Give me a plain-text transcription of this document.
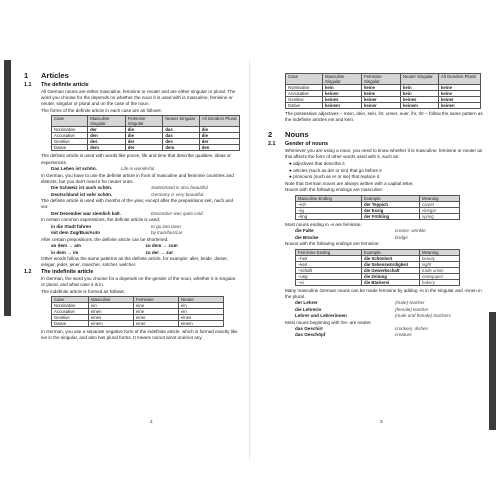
1	Articles
1.1	The definite article

All German nouns are either masculine, feminine or neuter and are either singular or plural. The word you choose for the depends on whether the noun it is used with is masculine, feminine or neuter, singular or plural and on the case of the noun.

The forms of the definite article in each case are as follows:

Case	Masculine Singular	Feminine Singular	Neuter Singular	All Genders Plural
Nominative	der	die	das	die
Accusative	den	die	das	die
Genitive	des	der	des	der
Dative	dem	der	dem	den

The definite article is used with words like prices, life and time that describe qualities, ideas or experiences.

Das Leben ist schön.	Life is wonderful.

In German, you have to use the definite article in front of masculine and feminine countries and districts, but you don't need it for neuter ones.

Die Schweiz ist auch schön.	Switzerland is also beautiful.
Deutschland ist sehr schön.	Germany is very beautiful.

The definite article is used with months of the year, except after the prepositions seit, nach and vor.

Der Dezember war ziemlich kalt.	December was quite cold.

In certain common expressions, the definite article is used;

in die Stadt fahren	to go into town
mit dem Zug/Bus/Auto	by train/bus/car

After certain prepositions, the definite article can be shortened.

an dem → am	zu dem → zum
in dem → im	zu der → zur

Other words follow the same patterns as the definite article, for example: aller, beide, dieser, einiger, jeder, jener, mancher, solcher, welcher.

1.2	The indefinite article

In German, the word you choose for a depends on the gender of the noun, whether it is singular or plural, and what case it is in.

The indefinite article is formed as follows:

Case	Masculine	Feminine	Neuter
Nominative	ein	eine	ein
Accusative	einen	eine	ein
Genitive	eines	einer	eines
Dative	einem	einer	einem

In German, you use a separate negative form of the indefinite article, which is formed exactly like ein in the singular, and also has plural forms. It means no/not a/not one/not any.

2
Case	Masculine Singular	Feminine Singular	Neuter Singular	All Genders Plural
Nominative	kein	keine	kein	keine
Accusative	keinen	keine	kein	keine
Genitive	keines	keiner	keines	keiner
Dative	keinem	keiner	keinem	keinen

The possessive adjectives – mein, dein, sein, ihr, unser, euer, ihr, Ihr – follow the same pattern as the indefinite articles ein and kein.

2	Nouns
2.1	Gender of nouns

Whenever you are using a noun, you need to know whether it is masculine, feminine or neuter as this affects the form of other words used with it, such as:

● adjectives that describe it

● articles (such as der or ein) that go before it

● pronouns (such as er or sie) that replace it.

Note that German nouns are always written with a capital letter.

Nouns with the following endings are masculine:

Masculine Ending	Example	Meaning
–ich	der Teppich	carpet
–ig	der Essig	vinegar
–ling	der Frühling	spring

Most nouns ending in -e are feminine.

die Falte	crease, wrinkle
die Brücke	bridge

Nouns with the following endings are feminine:

Feminine Ending	Example	Meaning
–heit	die Schönheit	beauty
–keit	die Sehenswürdigkeit	sight
–schaft	die Gewerkschaft	trade union
–ung	die Zeitung	newspaper
–ei	die Bäckerei	bakery

Many masculine German nouns can be made feminine by adding -in in the singular and -innen in the plural.

der Lehrer	(male) teacher
die Lehrerin	(female) teacher
Lehrer und Lehrerinnen	(male and female) teachers

Most nouns beginning with Ge- are neuter.

das Geschirr	crockery, dishes
das Geschöpf	creature
3
